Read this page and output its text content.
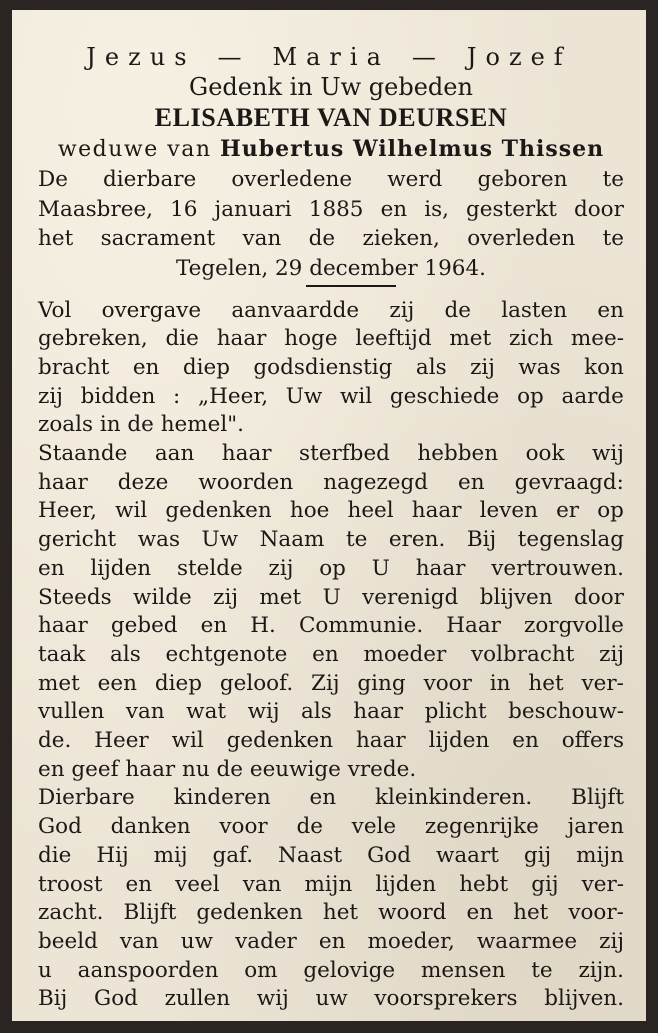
Jezus — Maria — Jozef
Gedenk in Uw gebeden
ELISABETH VAN DEURSEN
weduwe van Hubertus Wilhelmus Thissen
De dierbare overledene werd geboren te
Maasbree, 16 januari 1885 en is, gesterkt door
het sacrament van de zieken, overleden te
Tegelen, 29 december 1964.
Vol overgave aanvaardde zij de lasten en
gebreken, die haar hoge leeftijd met zich mee-
bracht en diep godsdienstig als zij was kon
zij bidden : „Heer, Uw wil geschiede op aarde
zoals in de hemel".
Staande aan haar sterfbed hebben ook wij
haar deze woorden nagezegd en gevraagd:
Heer, wil gedenken hoe heel haar leven er op
gericht was Uw Naam te eren. Bij tegenslag
en lijden stelde zij op U haar vertrouwen.
Steeds wilde zij met U verenigd blijven door
haar gebed en H. Communie. Haar zorgvolle
taak als echtgenote en moeder volbracht zij
met een diep geloof. Zij ging voor in het ver-
vullen van wat wij als haar plicht beschouw-
de. Heer wil gedenken haar lijden en offers
en geef haar nu de eeuwige vrede.
Dierbare kinderen en kleinkinderen. Blijft
God danken voor de vele zegenrijke jaren
die Hij mij gaf. Naast God waart gij mijn
troost en veel van mijn lijden hebt gij ver-
zacht. Blijft gedenken het woord en het voor-
beeld van uw vader en moeder, waarmee zij
u aanspoorden om gelovige mensen te zijn.
Bij God zullen wij uw voorsprekers blijven.
